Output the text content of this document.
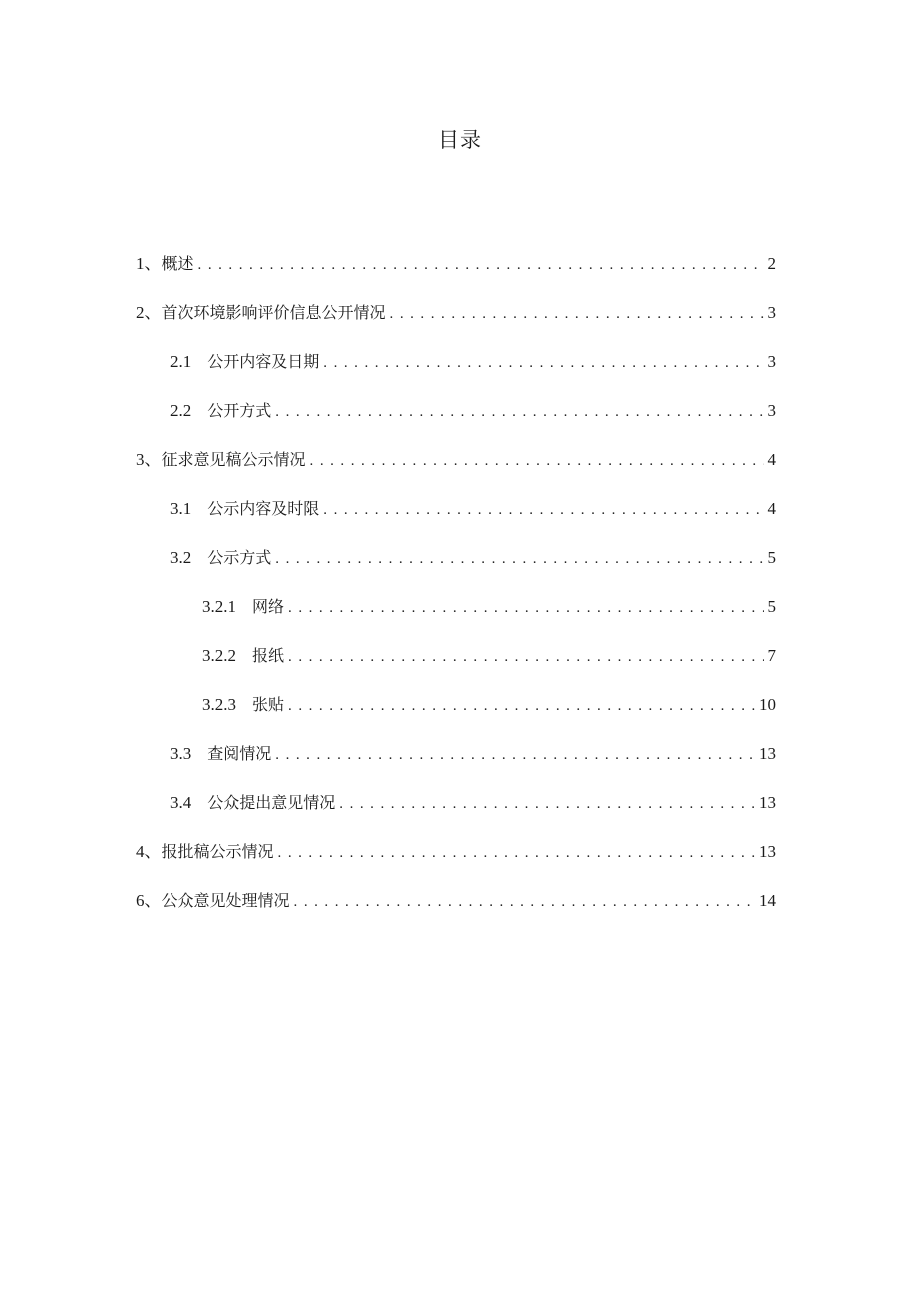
目录
1、 概述 . . .	2
2、 首次环境影响评价信息公开情况 . . .	3
2.1 公开内容及日期 . . .	3
2.2 公开方式 . . .	3
3、 征求意见稿公示情况 . . .	4
3.1 公示内容及时限 . . .	4
3.2 公示方式 . . .	5
3.2.1 网络 . . .	5
3.2.2 报纸 . . .	7
3.2.3 张贴 . . .	10
3.3 查阅情况 . . .	13
3.4 公众提出意见情况 . . .	13
4、 报批稿公示情况 . . .	13
6、 公众意见处理情况 . . .	14
